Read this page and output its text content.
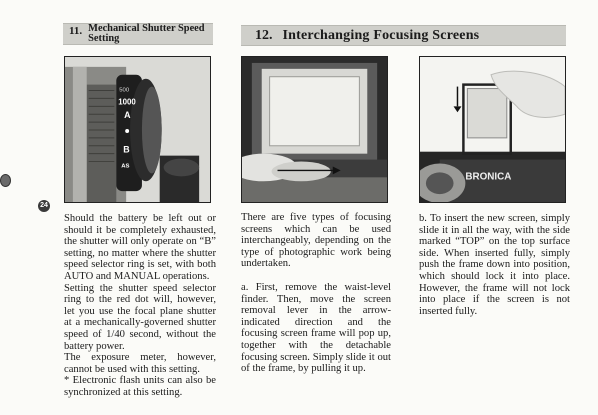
24
11. Mechanical Shutter Speed Setting	12. Interchanging Focusing Screens
500
1000
A
B
AS
BRONICA

Should the battery be left out or should it be completely exhausted, the shutter will only operate on “B” setting, no matter where the shutter speed selector ring is set, with both AUTO and MANUAL operations.

Setting the shutter speed selector ring to the red dot will, however, let you use the focal plane shutter at a mechanically-governed shutter speed of 1/40 second, without the battery power.

The exposure meter, however, cannot be used with this setting.

* Electronic flash units can also be synchronized at this setting.

There are five types of focusing screens which can be used interchangeably, depending on the type of photographic work being undertaken.

a. First, remove the waist-level finder. Then, move the screen removal lever in the arrow-indicated direction and the focusing screen frame will pop up, together with the detachable focusing screen. Simply slide it out of the frame, by pulling it up.

b. To insert the new screen, simply slide it in all the way, with the side marked “TOP” on the top surface side. When inserted fully, simply push the frame down into position, which should lock it into place. However, the frame will not lock into place if the screen is not inserted fully.
